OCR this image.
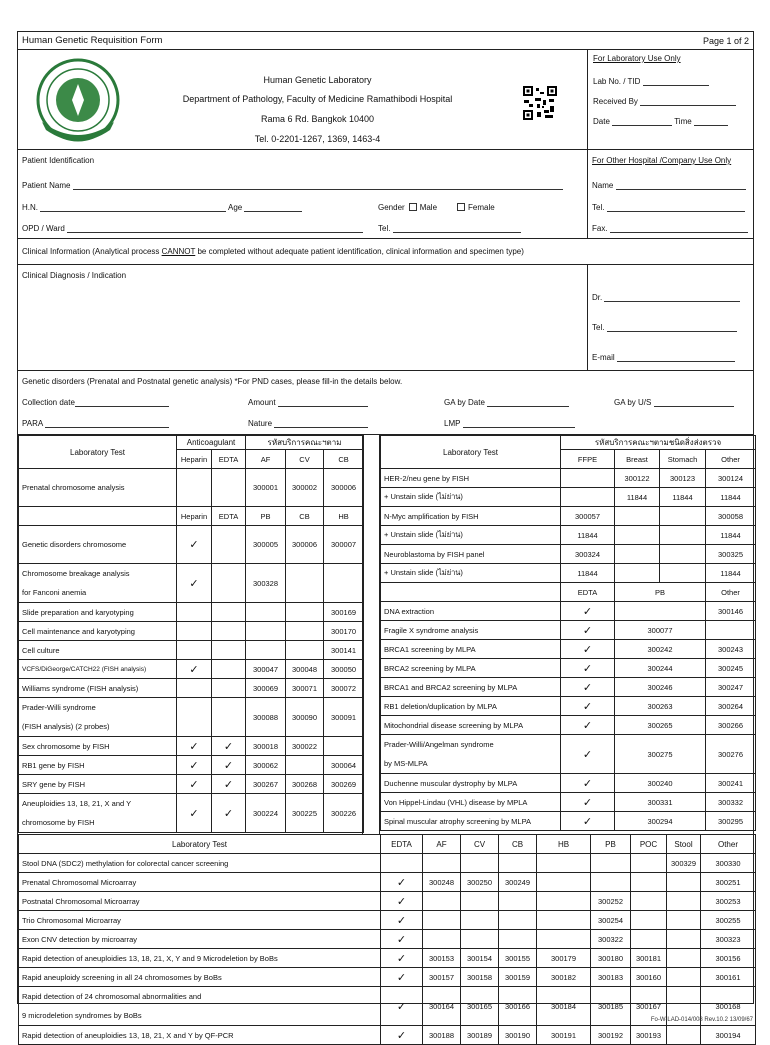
Human Genetic Requisition Form	Page 1 of 2
Human Genetic Laboratory
Department of Pathology, Faculty of Medicine Ramathibodi Hospital
Rama 6 Rd. Bangkok 10400
Tel. 0-2201-1267, 1369, 1463-4
For Laboratory Use Only
Lab No. / TID
Received By
Date	Time
Patient Identification
Patient Name
H.N.	Age	Gender Male	Female
OPD / Ward	Tel.
For Other Hospital /Company Use Only
Name
Tel.
Fax.
Clinical Information (Analytical process CANNOT be completed without adequate patient identification, clinical information and specimen type)
Clinical Diagnosis / Indication
Dr.
Tel.
E-mail
Genetic disorders (Prenatal and Postnatal genetic analysis) *For PND cases, please fill-in the details below.
Collection date	Amount	GA by Date	GA by U/S
PARA	Nature	LMP
Laboratory Test	Anticoagulant		รหัสบริการคณะฯตาม		
	Heparin	EDTA	AF	CV	CB
Prenatal chromosome analysis			300001	300002	300006
	Heparin	EDTA	PB	CB	HB
Genetic disorders chromosome	✓		300005	300006	300007
Chromosome breakage analysis
for Fanconi anemia	✓		300328		
Slide preparation and karyotyping					300169
Cell maintenance and karyotyping					300170
Cell culture					300141
VCFS/DiGeorge/CATCH22 (FISH analysis)	✓		300047	300048	300050
Williams syndrome (FISH analysis)			300069	300071	300072
Prader-Willi syndrome
(FISH analysis) (2 probes)			300088	300090	300091
Sex chromosome by FISH	✓	✓	300018	300022	
RB1 gene by FISH	✓	✓	300062		300064
SRY gene by FISH	✓	✓	300267	300268	300269
Aneuploidies 13, 18, 21, X and Y
chromosome by FISH	✓	✓	300224	300225	300226
Laboratory Test	รหัสบริการคณะฯตามชนิดสิ่งส่งตรวจ			
	FFPE	Breast	Stomach	Other
HER-2/neu gene by FISH		300122	300123	300124
+ Unstain slide (ไม่ย่าน)		11844	11844	11844
N-Myc amplification by FISH	300057			300058
+ Unstain slide (ไม่ย่าน)	11844			11844
Neuroblastoma by FISH panel	300324			300325
+ Unstain slide (ไม่ย่าน)	11844			11844
	EDTA	PB		Other
DNA extraction	✓			300146
Fragile X syndrome analysis	✓	300077		
BRCA1 screening by MLPA	✓	300242		300243
BRCA2 screening by MLPA	✓	300244		300245
BRCA1 and BRCA2 screening by MLPA	✓	300246		300247
RB1 deletion/duplication by MLPA	✓	300263		300264
Mitochondrial disease screening by MLPA	✓	300265		300266
Prader-Willi/Angelman syndrome
by MS-MLPA	✓	300275		300276
Duchenne muscular dystrophy by MLPA	✓	300240		300241
Von Hippel-Lindau (VHL) disease by MPLA	✓	300331		300332
Spinal muscular atrophy screening by MLPA	✓	300294		300295
Laboratory Test	EDTA	AF	CV	CB	HB	PB	POC	Stool	Other
Stool DNA (SDC2) methylation for colorectal cancer screening								300329	300330
Prenatal Chromosomal Microarray	✓	300248	300250	300249					300251
Postnatal Chromosomal Microarray	✓					300252			300253
Trio Chromosomal Microarray	✓					300254			300255
Exon CNV detection by microarray	✓					300322			300323
Rapid detection of aneuploidies 13, 18, 21, X, Y and 9 Microdeletion by BoBs	✓	300153	300154	300155	300179	300180	300181		300156
Rapid aneuploidy screening in all 24 chromosomes by BoBs	✓	300157	300158	300159	300182	300183	300160		300161
Rapid detection of 24 chromosomal abnormalities and
9 microdeletion syndromes by BoBs	✓	300164	300165	300166	300184	300185	300167		300168
Rapid detection of aneuploidies 13, 18, 21, X and Y by QF-PCR	✓	300188	300189	300190	300191	300192	300193		300194
Fo-W-LAD-014/008 Rev.10.2 13/09/67
